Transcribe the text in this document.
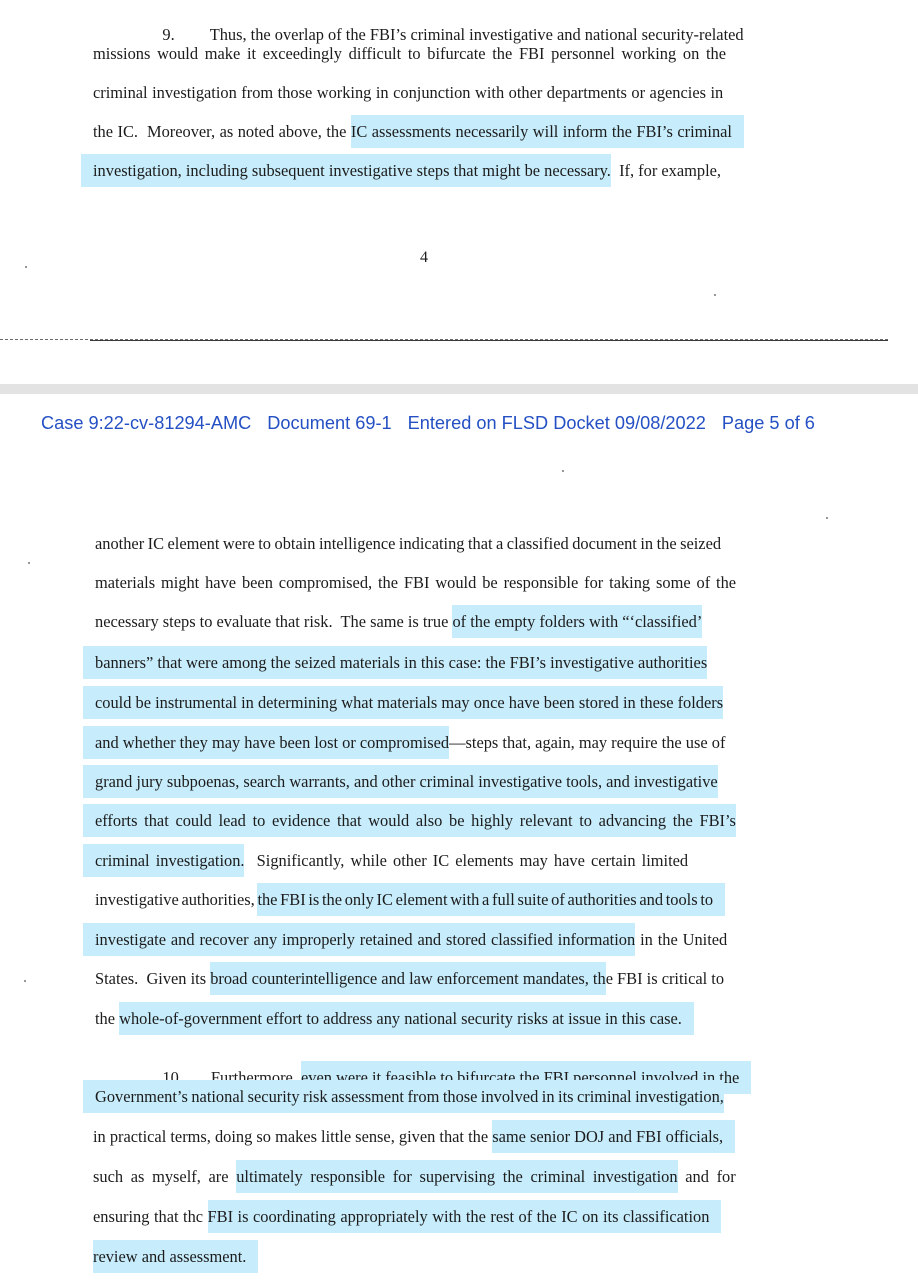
9. Thus, the overlap of the FBI’s criminal investigative and national security-related

missions would make it exceedingly difficult to bifurcate the FBI personnel working on the
criminal investigation from those working in conjunction with other departments or agencies in
the IC.  Moreover, as noted above, the IC assessments necessarily will inform the FBI’s criminal
investigation, including subsequent investigative steps that might be necessary.  If, for example,
4
Case 9:22-cv-81294-AMC Document 69-1 Entered on FLSD Docket 09/08/2022 Page 5 of 6
another IC element were to obtain intelligence indicating that a classified document in the seized
materials might have been compromised, the FBI would be responsible for taking some of the
necessary steps to evaluate that risk.  The same is true of the empty folders with “‘classified’
banners” that were among the seized materials in this case: the FBI’s investigative authorities
could be instrumental in determining what materials may once have been stored in these folders
and whether they may have been lost or compromised—steps that, again, may require the use of
grand jury subpoenas, search warrants, and other criminal investigative tools, and investigative
efforts that could lead to evidence that would also be highly relevant to advancing the FBI’s
criminal investigation.  Significantly, while other IC elements may have certain limited
investigative authorities, the FBI is the only IC element with a full suite of authorities and tools to
investigate and recover any improperly retained and stored classified information in the United
States.  Given its broad counterintelligence and law enforcement mandates, the FBI is critical to
the whole-of-government effort to address any national security risks at issue in this case.

10. Furthermore, even were it feasible to bifurcate the FBI personnel involved in the

Government’s national security risk assessment from those involved in its criminal investigation,
in practical terms, doing so makes little sense, given that the same senior DOJ and FBI officials,
such as myself, are ultimately responsible for supervising the criminal investigation and for
ensuring that thc FBI is coordinating appropriately with the rest of the IC on its classification
review and assessment.
